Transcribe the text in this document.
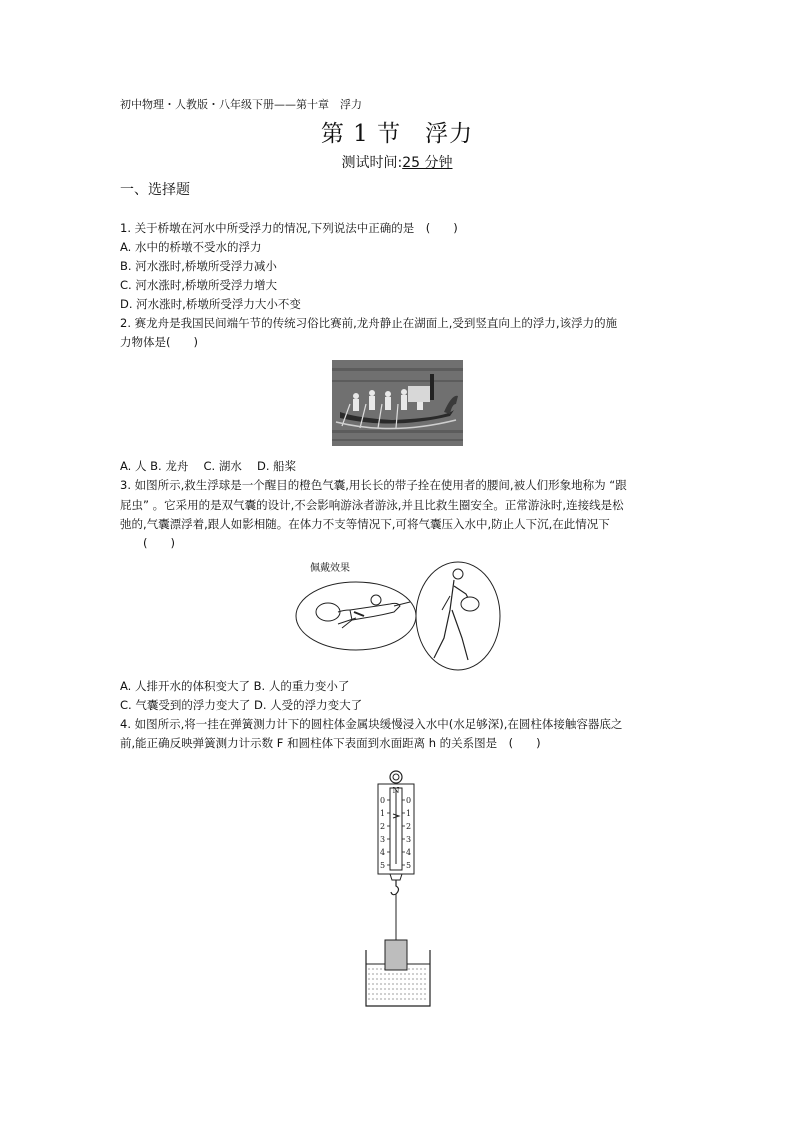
初中物理・人教版・八年级下册——第十章　浮力
第 1 节　浮力
测试时间:25 分钟
一、选择题
1. 关于桥墩在河水中所受浮力的情况,下列说法中正确的是　(　　)
A. 水中的桥墩不受水的浮力
B. 河水涨时,桥墩所受浮力减小
C. 河水涨时,桥墩所受浮力增大
D. 河水涨时,桥墩所受浮力大小不变
2. 赛龙舟是我国民间端午节的传统习俗比赛前,龙舟静止在湖面上,受到竖直向上的浮力,该浮力的施
力物体是(　　)
A. 人 B. 龙舟　 C. 湖水　 D. 船桨
3. 如图所示,救生浮球是一个醒目的橙色气囊,用长长的带子拴在使用者的腰间,被人们形象地称为 “跟
屁虫” 。它采用的是双气囊的设计,不会影响游泳者游泳,并且比救生圈安全。正常游泳时,连接线是松
弛的,气囊漂浮着,跟人如影相随。在体力不支等情况下,可将气囊压入水中,防止人下沉,在此情况下
　　(　　)
佩戴效果
A. 人排开水的体积变大了 B. 人的重力变小了
C. 气囊受到的浮力变大了 D. 人受的浮力变大了
4. 如图所示,将一挂在弹簧测力计下的圆柱体金属块缓慢浸入水中(水足够深),在圆柱体接触容器底之
前,能正确反映弹簧测力计示数 F 和圆柱体下表面到水面距离 h 的关系图是　(　　)
N
0	0
1	1
2	2
3	3
4	4
5	5
